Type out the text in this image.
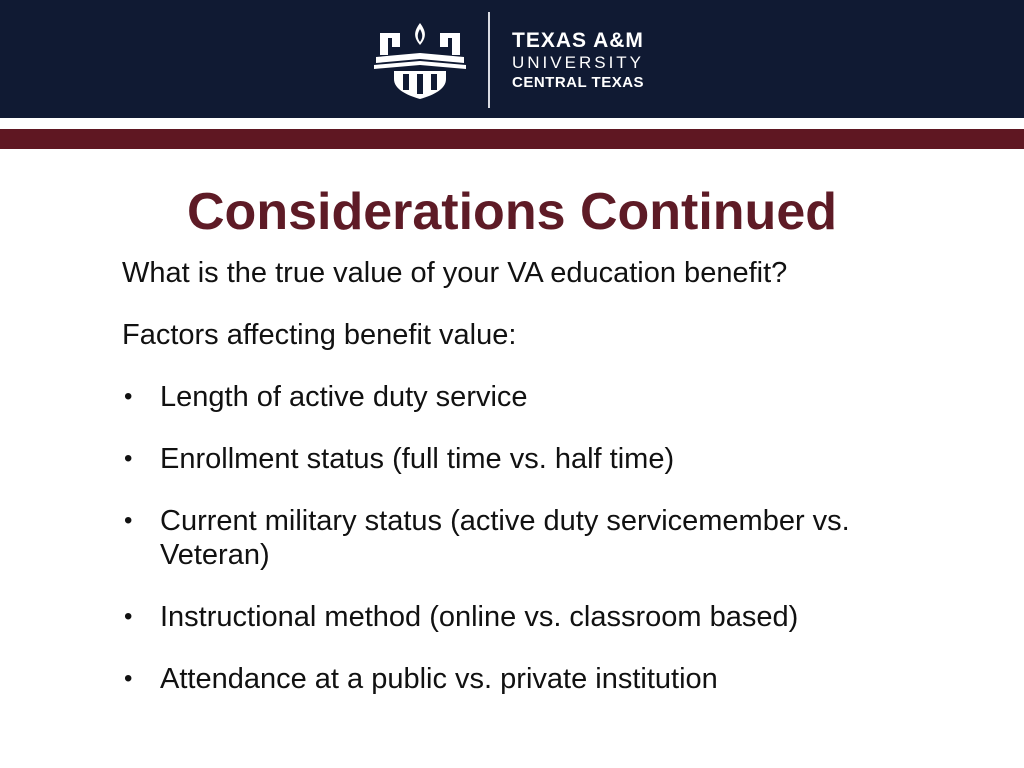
TEXAS A&M
UNIVERSITY
CENTRAL TEXAS
Considerations Continued

What is the true value of your VA education benefit?

Factors affecting benefit value:

• Length of active duty service
• Enrollment status (full time vs. half time)
• Current military status (active duty servicemember vs. Veteran)
• Instructional method (online vs. classroom based)
• Attendance at a public vs. private institution
